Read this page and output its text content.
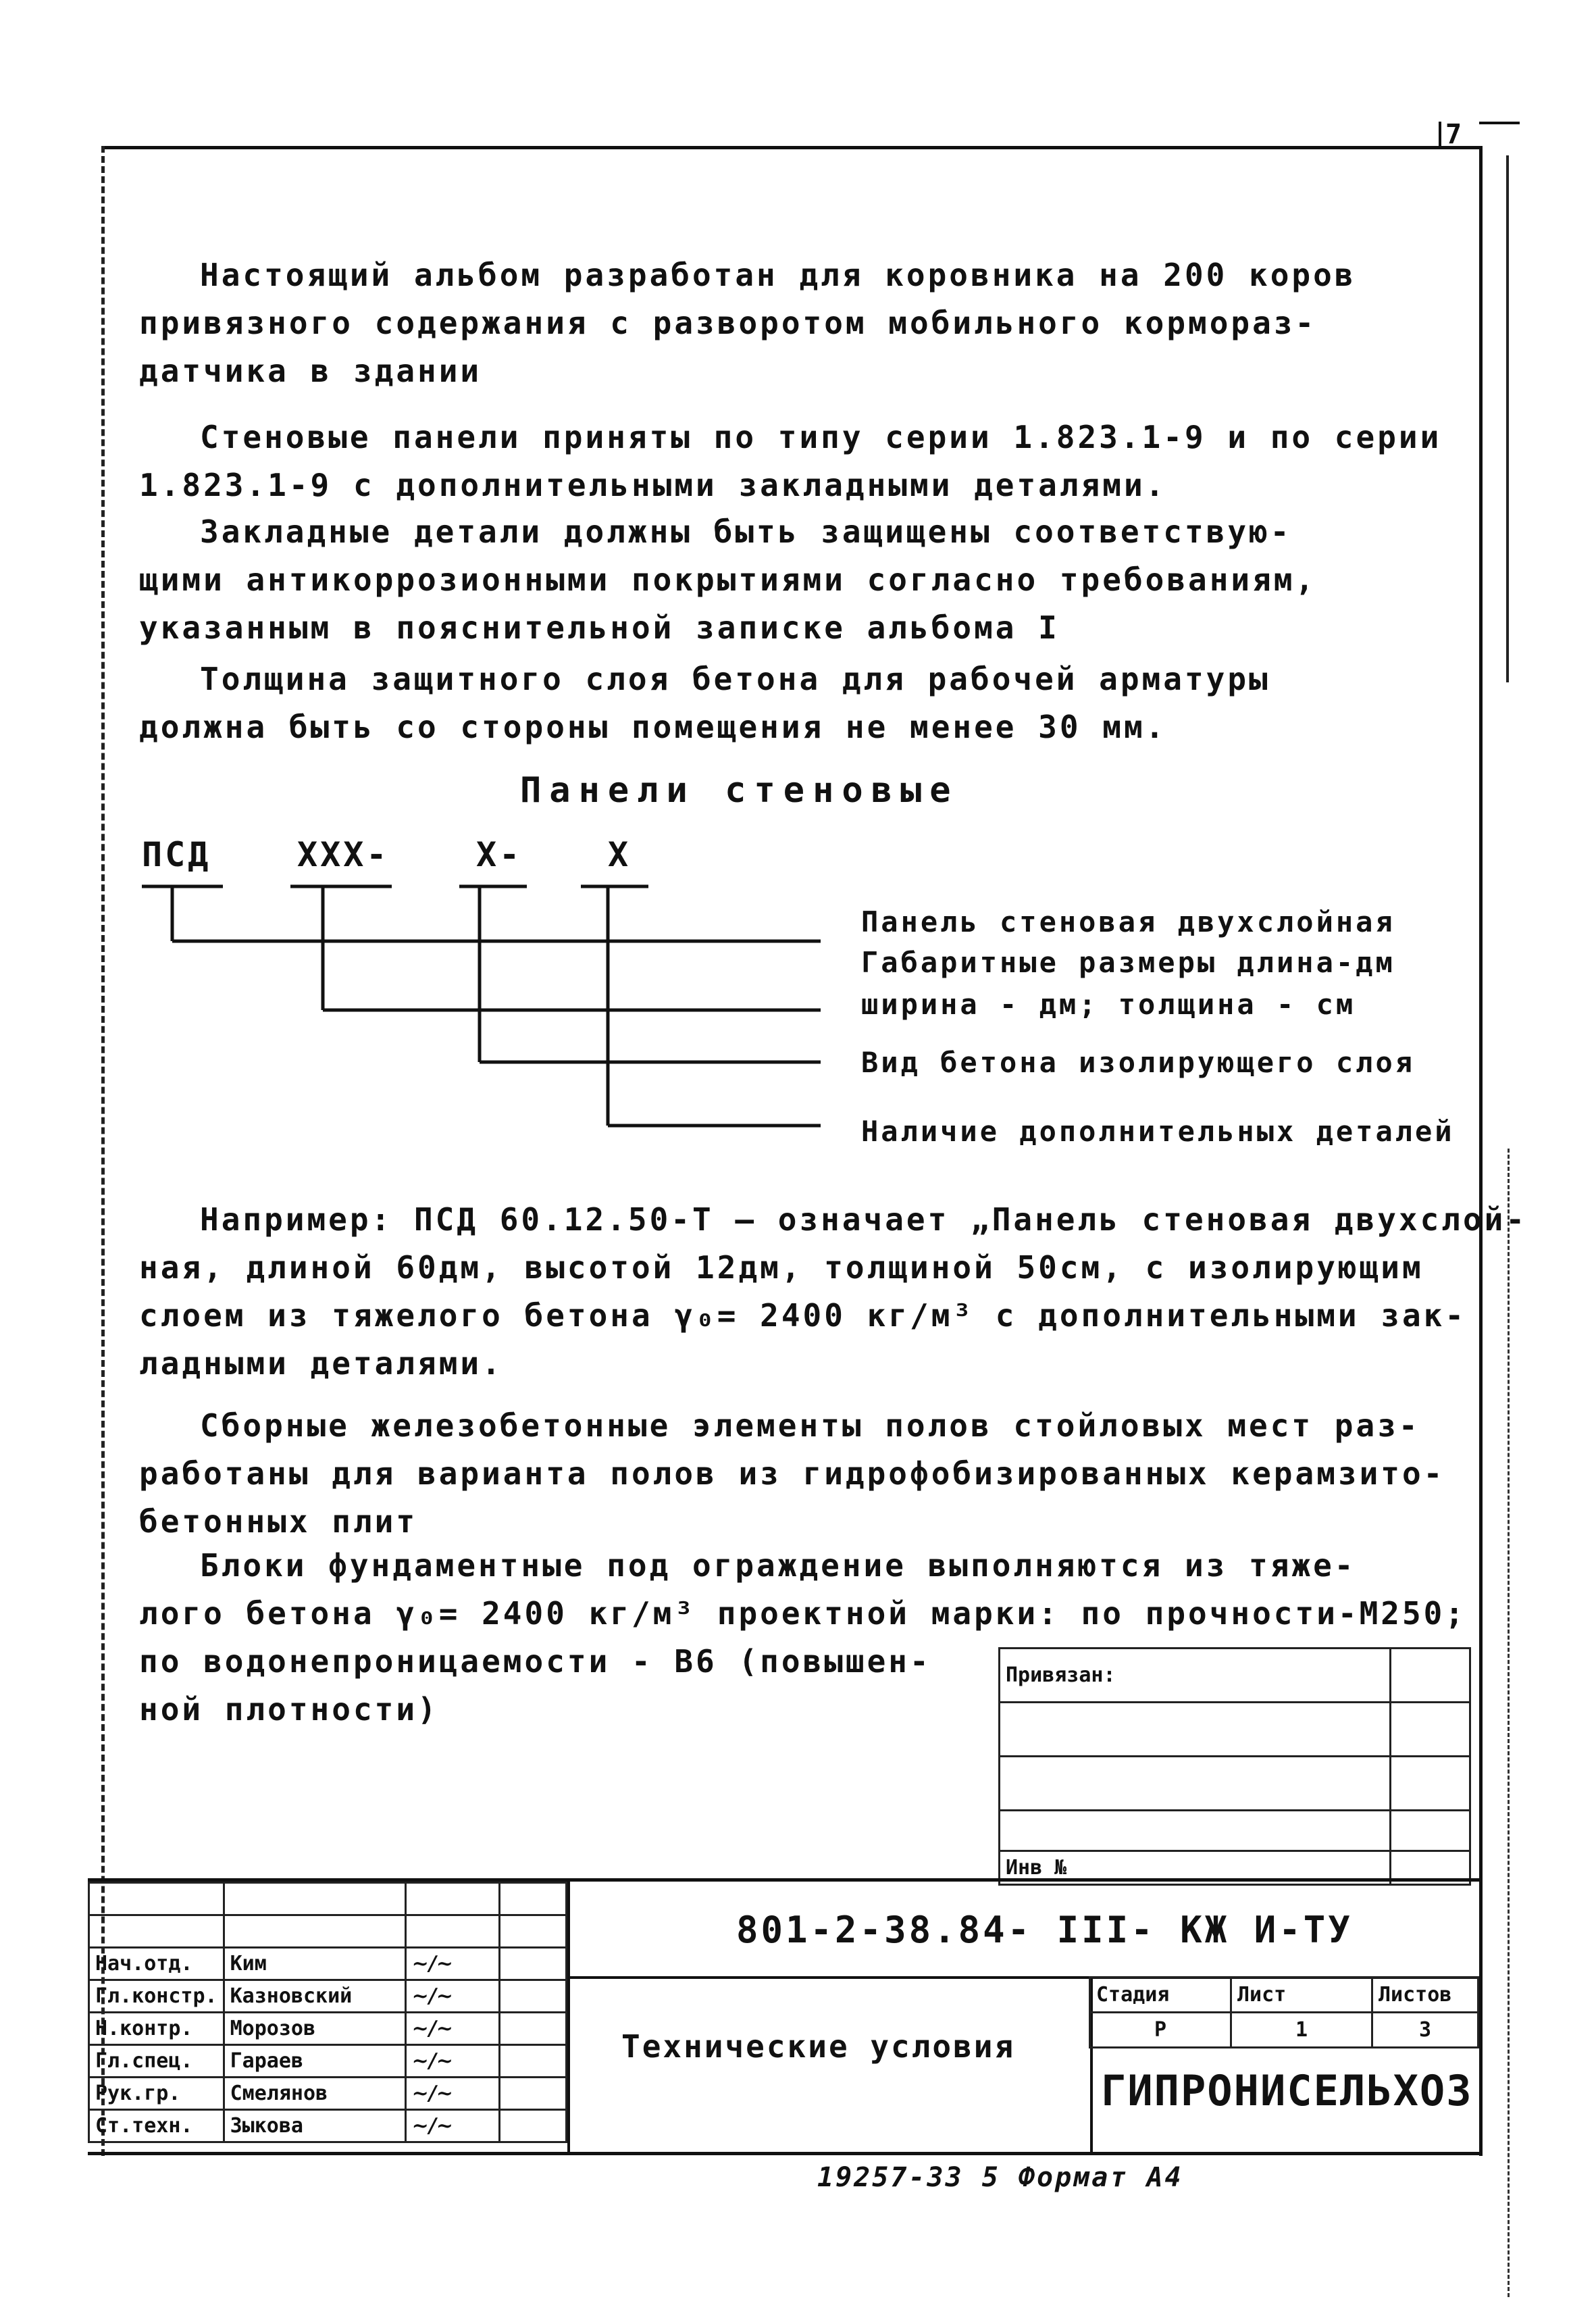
7
Настоящий альбом разработан для коровника на 200 коров
привязного содержания с разворотом мобильного кормораз-
датчика в здании
Стеновые панели приняты по типу серии 1.823.1-9 и по серии
1.823.1-9 с дополнительными закладными деталями.
Закладные детали должны быть защищены соответствую-
щими антикоррозионными покрытиями согласно требованиям,
указанным в пояснительной записке альбома I
Толщина защитного слоя бетона для рабочей арматуры
должна быть со стороны помещения не менее 30 мм.
Панели стеновые
ПСД	XXX-	X-	X
Панель стеновая двухслойная
Габаритные размеры длина-дм
ширина - дм; толщина - см
Вид бетона изолирующего слоя
Наличие дополнительных деталей
Например: ПСД 60.12.50-Т — означает „Панель стеновая двухслой-
ная, длиной 60дм, высотой 12дм, толщиной 50см, с изолирующим
слоем из тяжелого бетона γ₀= 2400 кг/м³ с дополнительными зак-
ладными деталями.
Сборные железобетонные элементы полов стойловых мест раз-
работаны для варианта полов из гидрофобизированных керамзито-
бетонных плит
Блоки фундаментные под ограждение выполняются из тяже-
лого бетона γ₀= 2400 кг/м³ проектной марки: по прочности-М250;
по водонепроницаемости - В6 (повышен-
ной плотности)
Привязан:	

Инв №	

Нач.отд.	Ким	~/~	
Гл.констр.	Казновский	~/~	
Н.контр.	Морозов	~/~	
Гл.спец.	Гараев	~/~	
Рук.гр.	Смелянов	~/~	
Ст.техн.	Зыкова	~/~	
801-2-38.84- III- КЖ И-ТУ
Технические условия
Стадия	Лист	Листов
Р	1	3
ГИПРОНИСЕЛЬХОЗ
19257-33 5 Формат А4
